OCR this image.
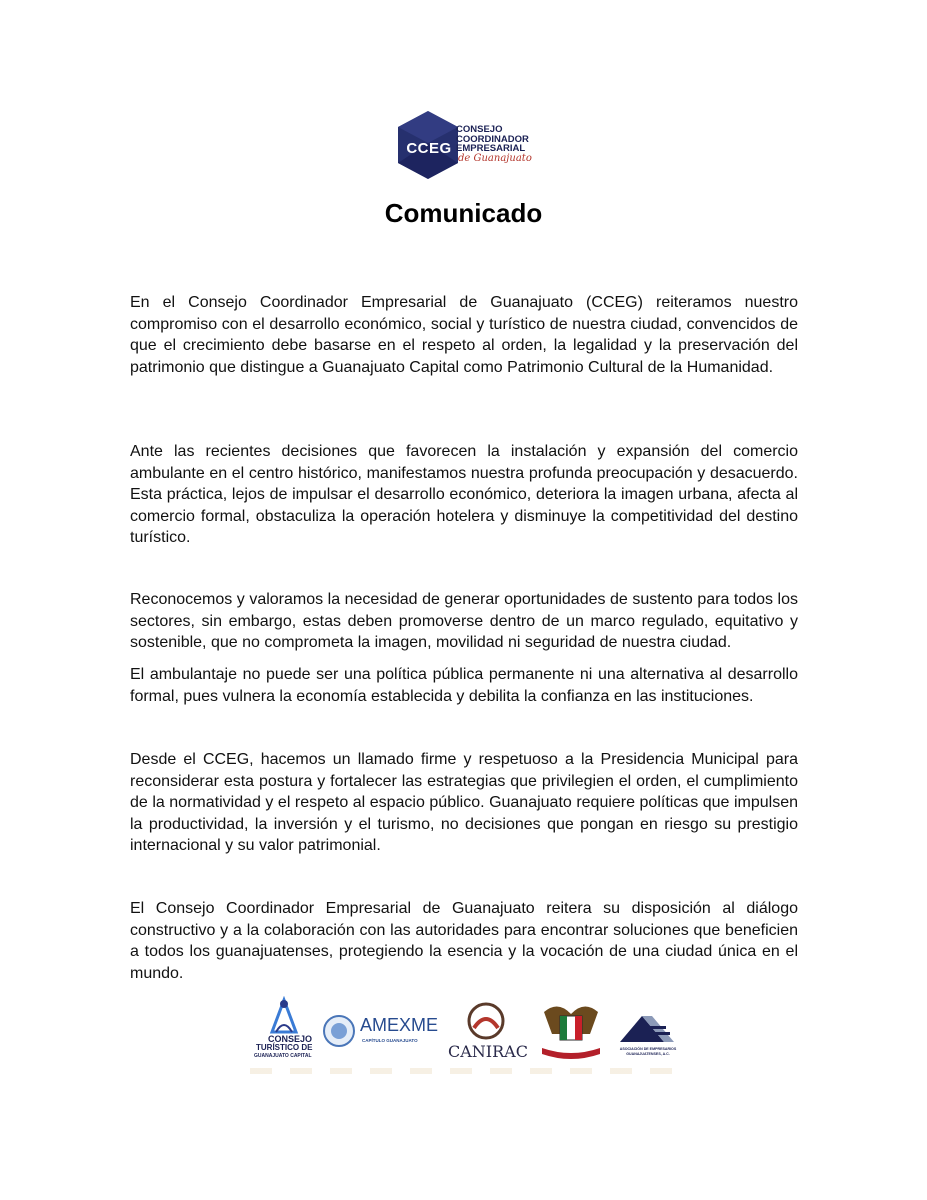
CCEG
CONSEJO
COORDINADOR
EMPRESARIAL
de Guanajuato
Comunicado

En el Consejo Coordinador Empresarial de Guanajuato (CCEG) reiteramos nuestro compromiso con el desarrollo económico, social y turístico de nuestra ciudad, convencidos de que el crecimiento debe basarse en el respeto al orden, la legalidad y la preservación del patrimonio que distingue a Guanajuato Capital como Patrimonio Cultural de la Humanidad.

Ante las recientes decisiones que favorecen la instalación y expansión del comercio ambulante en el centro histórico, manifestamos nuestra profunda preocupación y desacuerdo. Esta práctica, lejos de impulsar el desarrollo económico, deteriora la imagen urbana, afecta al comercio formal, obstaculiza la operación hotelera y disminuye la competitividad del destino turístico.

Reconocemos y valoramos la necesidad de generar oportunidades de sustento para todos los sectores, sin embargo, estas deben promoverse dentro de un marco regulado, equitativo y sostenible, que no comprometa la imagen, movilidad ni seguridad de nuestra ciudad.

El ambulantaje no puede ser una política pública permanente ni una alternativa al desarrollo formal, pues vulnera la economía establecida y debilita la confianza en las instituciones.

Desde el CCEG, hacemos un llamado firme y respetuoso a la Presidencia Municipal para reconsiderar esta postura y fortalecer las estrategias que privilegien el orden, el cumplimiento de la normatividad y el respeto al espacio público. Guanajuato requiere políticas que impulsen la productividad, la inversión y el turismo, no decisiones que pongan en riesgo su prestigio internacional y su valor patrimonial.

El Consejo Coordinador Empresarial de Guanajuato reitera su disposición al diálogo constructivo y a la colaboración con las autoridades para encontrar soluciones que beneficien a todos los guanajuatenses, protegiendo la esencia y la vocación de una ciudad única en el mundo.

CONSEJO
TURÍSTICO DE
GUANAJUATO CAPITAL
AMEXME
CAPÍTULO GUANAJUATO
CANIRAC	ASOCIACIÓN DE EMPRESARIOS GUANAJUATENSES, A.C.
